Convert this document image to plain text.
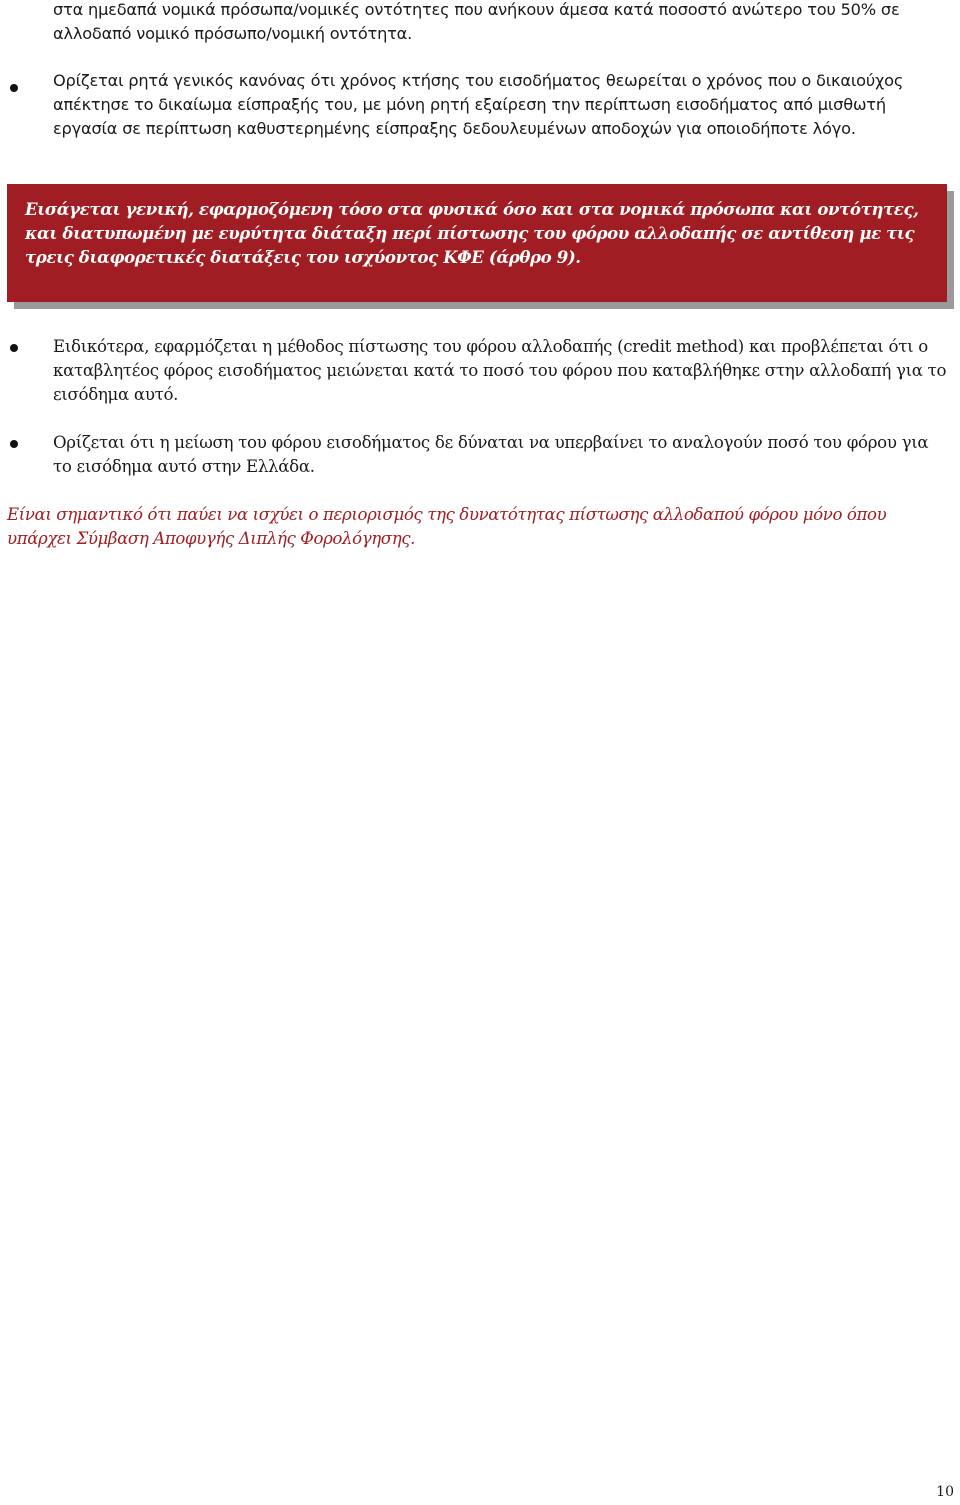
στα ημεδαπά νομικά πρόσωπα/νομικές οντότητες που ανήκουν άμεσα κατά ποσοστό ανώτερο του 50% σε αλλοδαπό νομικό πρόσωπο/νομική οντότητα.

Ορίζεται ρητά γενικός κανόνας ότι χρόνος κτήσης του εισοδήματος θεωρείται ο χρόνος που ο δικαιούχος απέκτησε το δικαίωμα είσπραξής του, με μόνη ρητή εξαίρεση την περίπτωση εισοδήματος από μισθωτή εργασία σε περίπτωση καθυστερημένης είσπραξης δεδουλευμένων αποδοχών για οποιοδήποτε λόγο.

Εισάγεται γενική, εφαρμοζόμενη τόσο στα φυσικά όσο και στα νομικά πρόσωπα και οντότητες, και διατυπωμένη με ευρύτητα διάταξη περί πίστωσης του φόρου αλλοδαπής σε αντίθεση με τις τρεις διαφορετικές διατάξεις του ισχύοντος ΚΦΕ (άρθρο 9).

Ειδικότερα, εφαρμόζεται η μέθοδος πίστωσης του φόρου αλλοδαπής (credit method) και προβλέπεται ότι ο καταβλητέος φόρος εισοδήματος μειώνεται κατά το ποσό του φόρου που καταβλήθηκε στην αλλοδαπή για το εισόδημα αυτό.

Ορίζεται ότι η μείωση του φόρου εισοδήματος δε δύναται να υπερβαίνει το αναλογούν ποσό του φόρου για το εισόδημα αυτό στην Ελλάδα.

Είναι σημαντικό ότι παύει να ισχύει ο περιορισμός της δυνατότητας πίστωσης αλλοδαπού φόρου μόνο όπου υπάρχει Σύμβαση Αποφυγής Διπλής Φορολόγησης.

10
